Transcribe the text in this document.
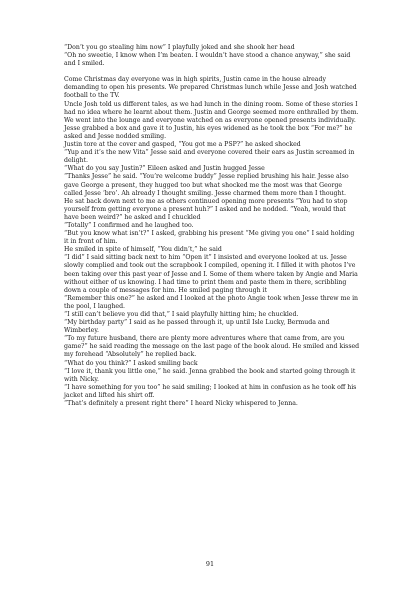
“Don’t you go stealing him now” I playfully joked and she shook her head

“Oh no sweetie, I know when I’m beaten. I wouldn’t have stood a chance anyway,” she said and I smiled.

Come Christmas day everyone was in high spirits, Justin came in the house already demanding to open his presents. We prepared Christmas lunch while Jesse and Josh watched football to the TV.

Uncle Josh told us different tales, as we had lunch in the dining room. Some of these stories I had no idea where he learnt about them. Justin and George seemed more enthralled by them.

We went into the lounge and everyone watched on as everyone opened presents individually. Jesse grabbed a box and gave it to Justin, his eyes widened as he took the box “For me?” he asked and Jesse nodded smiling.

Justin tore at the cover and gasped, “You got me a PSP?” he asked shocked

“Yup and it’s the new Vita” Jesse said and everyone covered their ears as Justin screamed in delight.

“What do you say Justin?” Eileen asked and Justin hugged Jesse

“Thanks Jesse” he said. “You’re welcome buddy” Jesse replied brushing his hair. Jesse also gave George a present, they hugged too but what shocked me the most was that George called Jesse ‘bro’. Ah already I thought smiling. Jesse charmed them more than I thought.

He sat back down next to me as others continued opening more presents “You had to stop yourself from getting everyone a present huh?” I asked and he nodded. “Yeah, would that have been weird?” he asked and I chuckled

“Totally” I confirmed and he laughed too.

“But you know what isn’t?” I asked, grabbing his present “Me giving you one” I said holding it in front of him.

He smiled in spite of himself, “You didn’t,” he said

“I did” I said sitting back next to him “Open it” I insisted and everyone looked at us. Jesse slowly complied and took out the scrapbook I compiled, opening it. I filled it with photos I’ve been taking over this past year of Jesse and I. Some of them where taken by Angie and Maria without either of us knowing. I had time to print them and paste them in there, scribbling down a couple of messages for him. He smiled paging through it

“Remember this one?” he asked and I looked at the photo Angie took when Jesse threw me in the pool, I laughed.

“I still can’t believe you did that,” I said playfully hitting him; he chuckled.

“My birthday party” I said as he passed through it, up until Isle Lucky, Bermuda and Wimberley.

“To my future husband, there are plenty more adventures where that came from, are you game?” he said reading the message on the last page of the book aloud. He smiled and kissed my forehead “Absolutely” he replied back.

“What do you think?” I asked smiling back

“I love it, thank you little one,” he said. Jenna grabbed the book and started going through it with Nicky.

“I have something for you too” he said smiling; I looked at him in confusion as he took off his jacket and lifted his shirt off.

“That’s definitely a present right there” I heard Nicky whispered to Jenna.

91
